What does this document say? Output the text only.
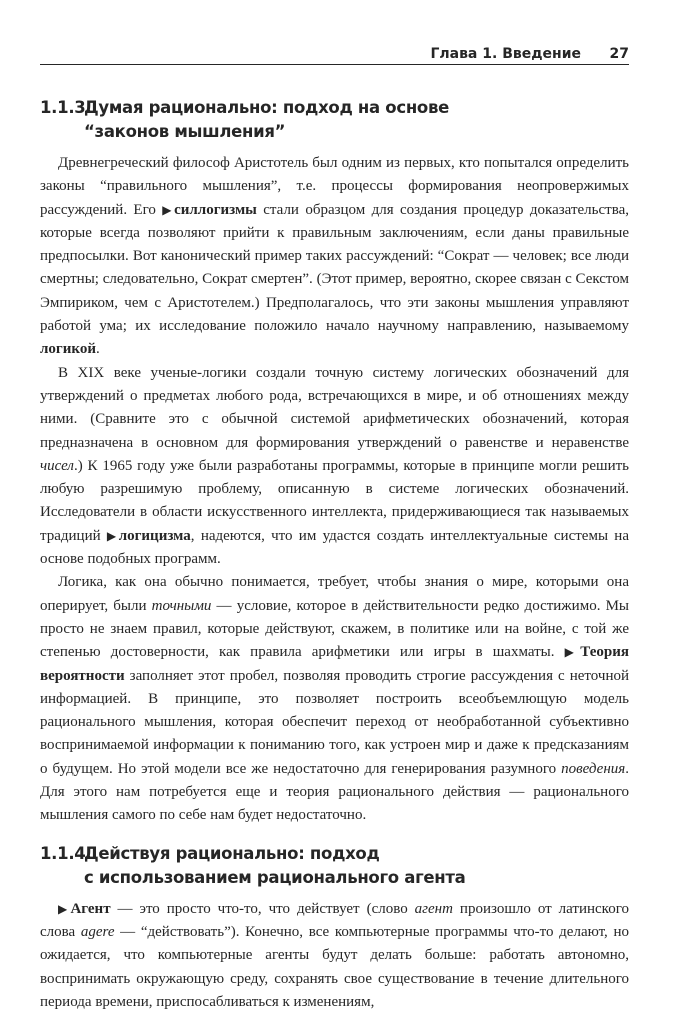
Глава 1. Введение 27
1.1.3.Думая рационально: подход на основе
“законов мышления”

Древнегреческий философ Аристотель был одним из первых, кто попытался определить законы “правильного мышления”, т.е. процессы формирования неопровержимых рассуждений. Его ▶силлогизмы стали образцом для создания процедур доказательства, которые всегда позволяют прийти к правильным заключениям, если даны правильные предпосылки. Вот канонический пример таких рассуждений: “Сократ — человек; все люди смертны; следовательно, Сократ смертен”. (Этот пример, вероятно, скорее связан с Секстом Эмпириком, чем с Аристотелем.) Предполагалось, что эти законы мышления управляют работой ума; их исследование положило начало научному направлению, называемому логикой.

В XIX веке ученые-логики создали точную систему логических обозначений для утверждений о предметах любого рода, встречающихся в мире, и об отношениях между ними. (Сравните это с обычной системой арифметических обозначений, которая предназначена в основном для формирования утверждений о равенстве и неравенстве чисел.) К 1965 году уже были разработаны программы, которые в принципе могли решить любую разрешимую проблему, описанную в системе логических обозначений. Исследователи в области искусственного интеллекта, придерживающиеся так называемых традиций ▶логицизма, надеются, что им удастся создать интеллектуальные системы на основе подобных программ.

Логика, как она обычно понимается, требует, чтобы знания о мире, которыми она оперирует, были точными — условие, которое в действительности редко достижимо. Мы просто не знаем правил, которые действуют, скажем, в политике или на войне, с той же степенью достоверности, как правила арифметики или игры в шахматы. ▶Теория вероятности заполняет этот пробел, позволяя проводить строгие рассуждения с неточной информацией. В принципе, это позволяет построить всеобъемлющую модель рационального мышления, которая обеспечит переход от необработанной субъективно воспринимаемой информации к пониманию того, как устроен мир и даже к предсказаниям о будущем. Но этой модели все же недостаточно для генерирования разумного поведения. Для этого нам потребуется еще и теория рационального действия — рационального мышления самого по себе нам будет недостаточно.

1.1.4.Действуя рационально: подход
с использованием рационального агента

▶Агент — это просто что-то, что действует (слово агент произошло от латинского слова agere — “действовать”). Конечно, все компьютерные программы что-то делают, но ожидается, что компьютерные агенты будут делать больше: работать автономно, воспринимать окружающую среду, сохранять свое существование в течение длительного периода времени, приспосабливаться к изменениям,
